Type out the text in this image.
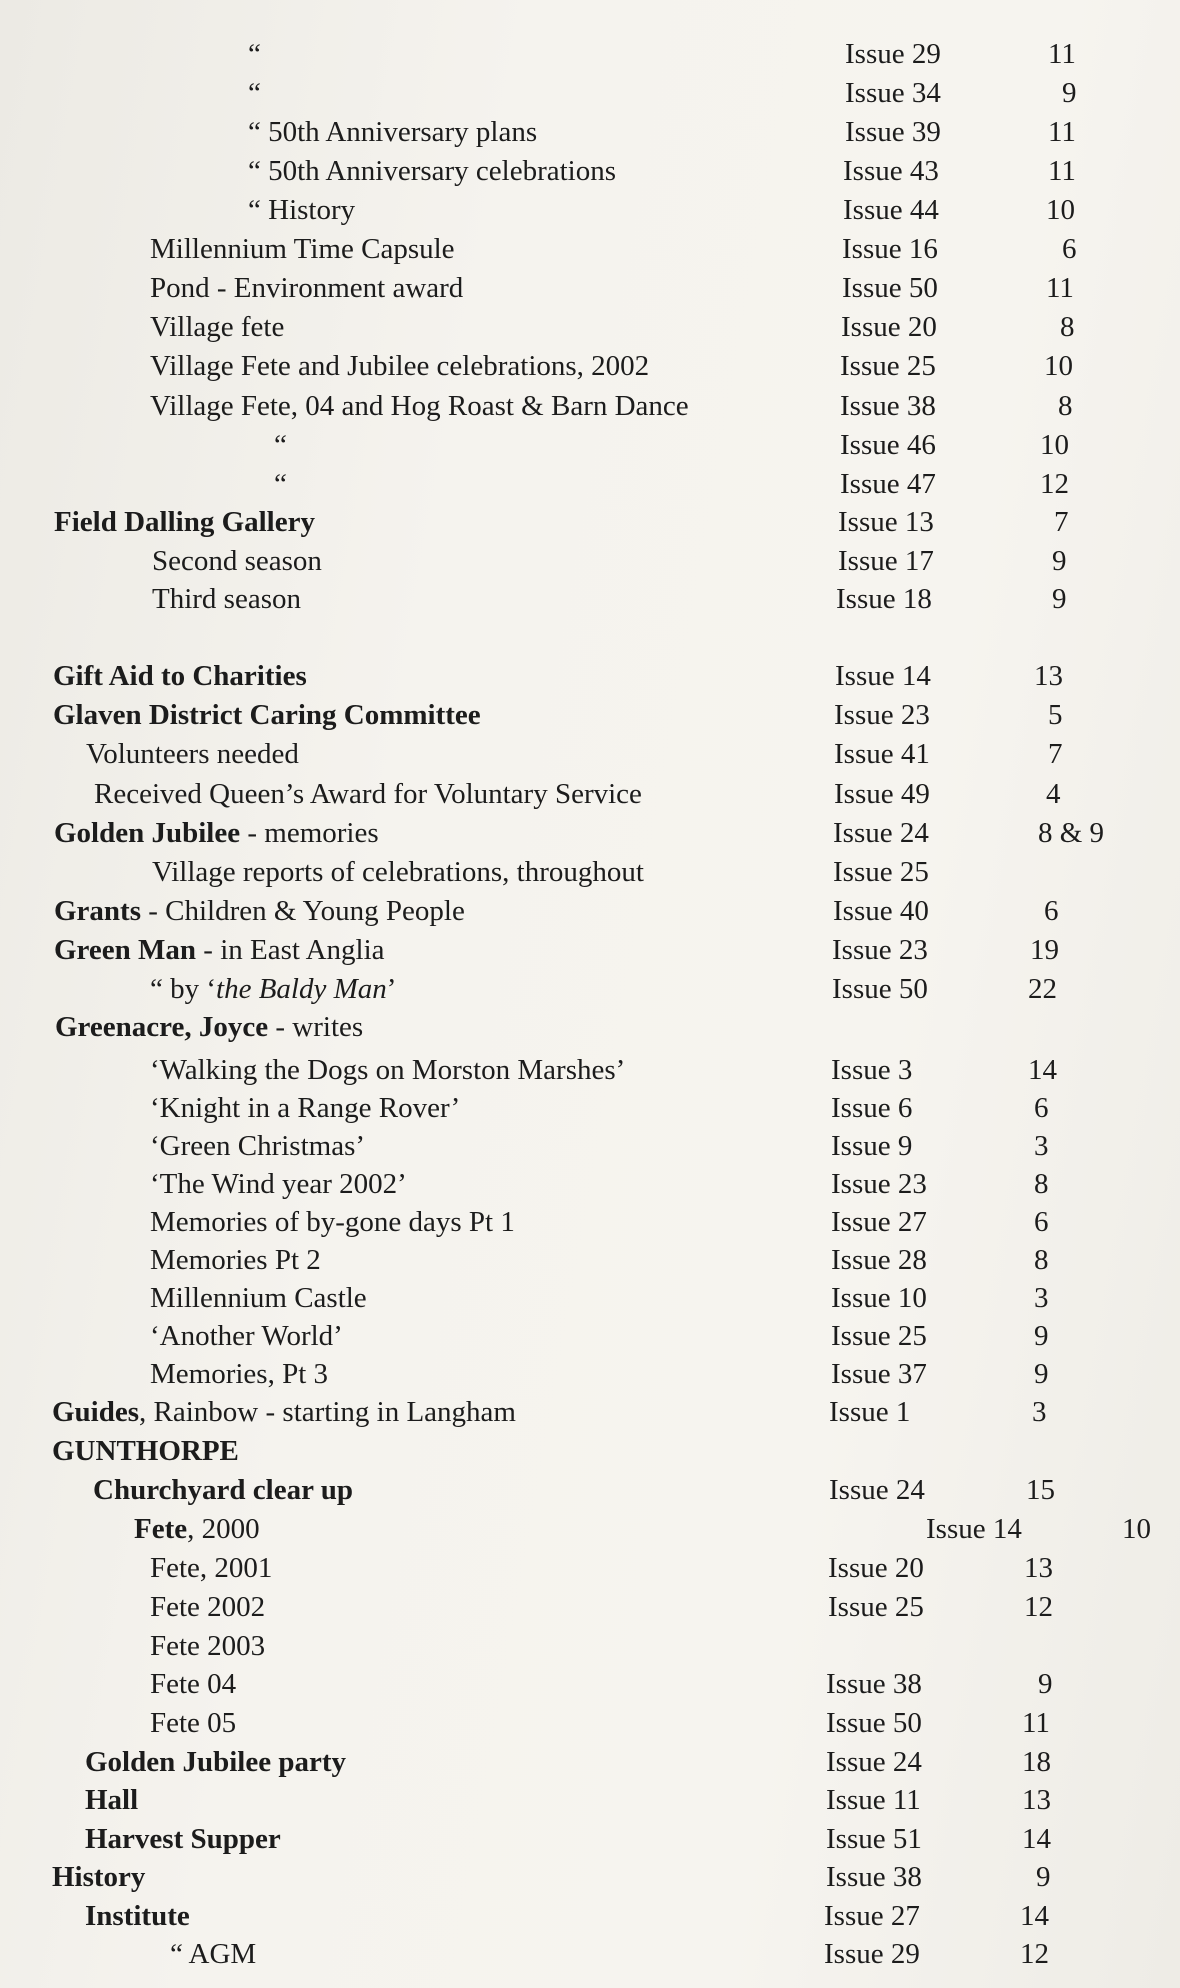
“	Issue 29	11
“	Issue 34	9
“ 50th Anniversary plans	Issue 39	11
“ 50th Anniversary celebrations	Issue 43	11
“ History	Issue 44	10
Millennium Time Capsule	Issue 16	6
Pond - Environment award	Issue 50	11
Village fete	Issue 20	8
Village Fete and Jubilee celebrations, 2002	Issue 25	10
Village Fete, 04 and Hog Roast & Barn Dance	Issue 38	8
“	Issue 46	10
“	Issue 47	12
Field Dalling Gallery	Issue 13	7
Second season	Issue 17	9
Third season	Issue 18	9
Gift Aid to Charities	Issue 14	13
Glaven District Caring Committee	Issue 23	5
Volunteers needed	Issue 41	7
Received Queen’s Award for Voluntary Service	Issue 49	4
Golden Jubilee - memories	Issue 24	8 & 9
Village reports of celebrations, throughout	Issue 25
Grants - Children & Young People	Issue 40	6
Green Man - in East Anglia	Issue 23	19
“ by ‘the Baldy Man’	Issue 50	22
Greenacre, Joyce - writes
‘Walking the Dogs on Morston Marshes’	Issue 3	14
‘Knight in a Range Rover’	Issue 6	6
‘Green Christmas’	Issue 9	3
‘The Wind year 2002’	Issue 23	8
Memories of by-gone days Pt 1	Issue 27	6
Memories Pt 2	Issue 28	8
Millennium Castle	Issue 10	3
‘Another World’	Issue 25	9
Memories, Pt 3	Issue 37	9
Guides, Rainbow - starting in Langham	Issue 1	3
GUNTHORPE
Churchyard clear up	Issue 24	15
Fete, 2000	Issue 14	10
Fete, 2001	Issue 20	13
Fete 2002	Issue 25	12
Fete 2003
Fete 04	Issue 38	9
Fete 05	Issue 50	11
Golden Jubilee party	Issue 24	18
Hall	Issue 11	13
Harvest Supper	Issue 51	14
History	Issue 38	9
Institute	Issue 27	14
“ AGM	Issue 29	12
